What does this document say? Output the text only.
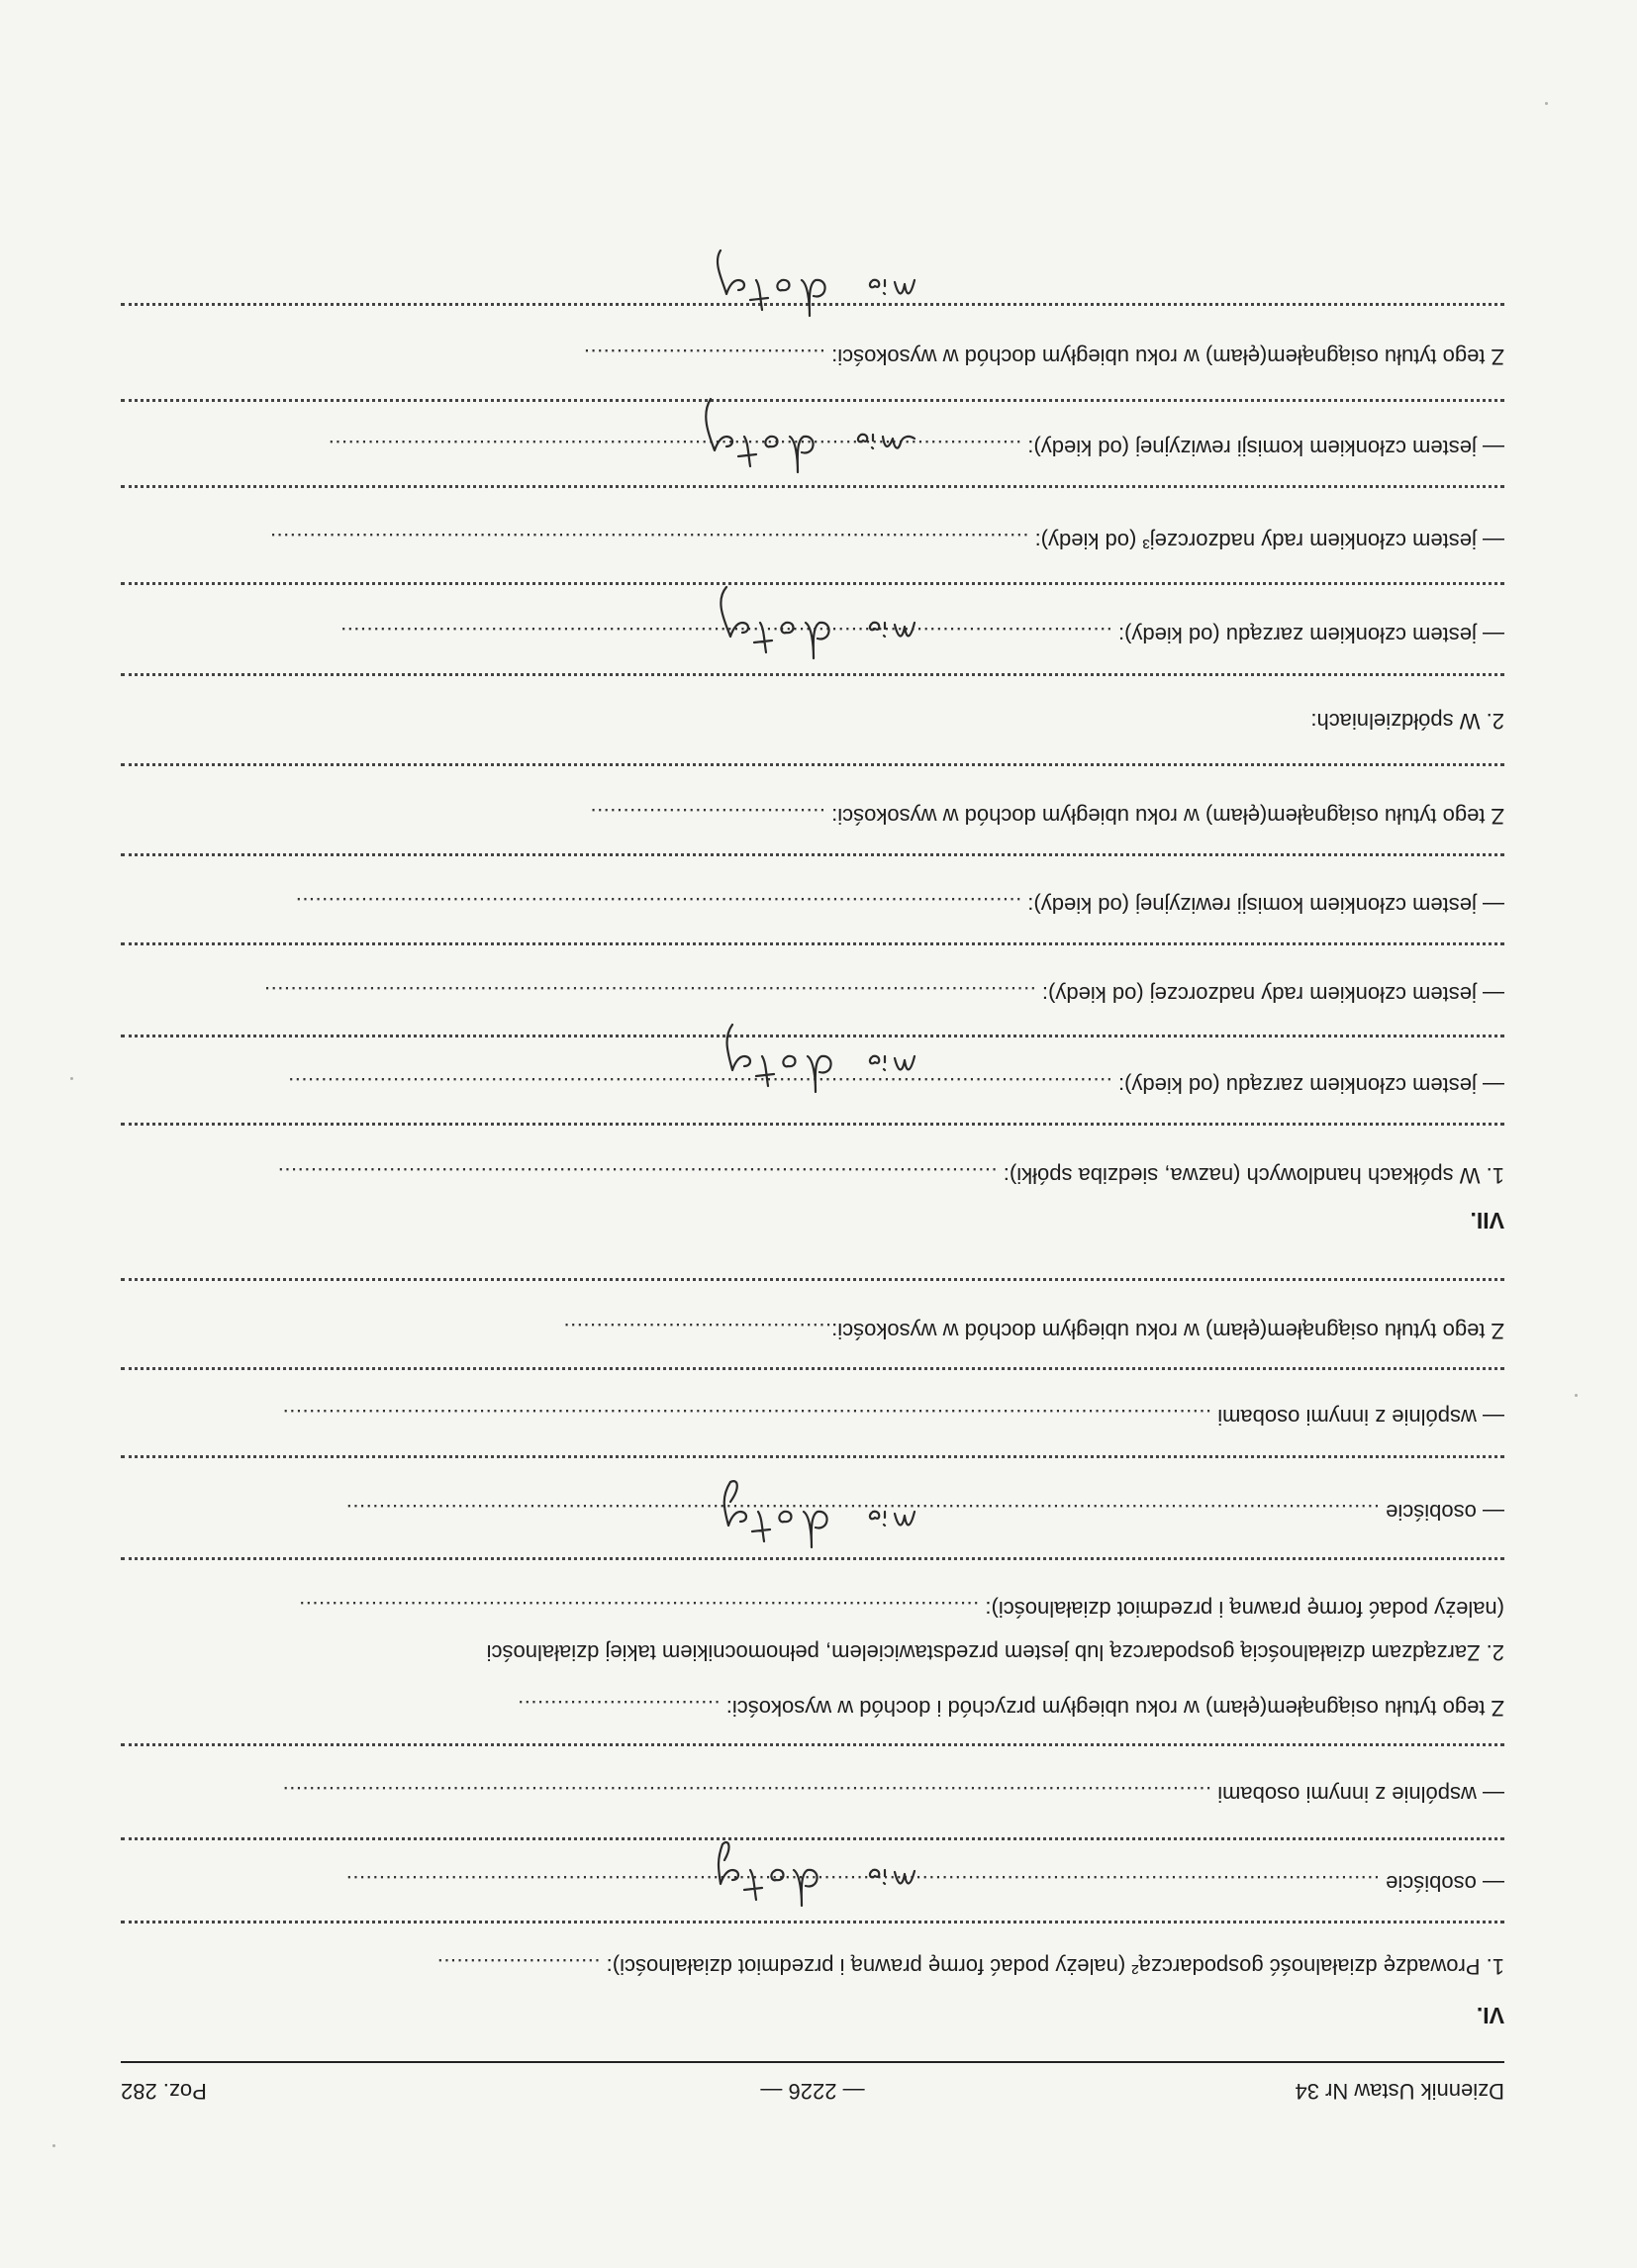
Dziennik Ustaw Nr 34
— 2226 —
Poz. 282
VI.
1. Prowadzę działalność gospodarczą² (należy podać formę prawną i przedmiot działalności): .........................
— osobiście ..............................................................................................................................................................
— wspólnie z innymi osobami ..............................................................................................................................................
Z tego tytułu osiągnąłem(ęłam) w roku ubiegłym przychód i dochód w wysokości: ...............................
2. Zarządzam działalnością gospodarczą lub jestem przedstawicielem, pełnomocnikiem takiej działalności
(należy podać formę prawną i przedmiot działalności): ........................................................................................................
— osobiście ..............................................................................................................................................................
— wspólnie z innymi osobami ..............................................................................................................................................
Z tego tytułu osiągnąłem(ęłam) w roku ubiegłym dochód w wysokości:.........................................
VII.
1. W spółkach handlowych (nazwa, siedziba spółki): ..............................................................................................................
— jestem członkiem zarządu (od kiedy): ..............................................................................................................................
— jestem członkiem rady nadzorczej (od kiedy): ......................................................................................................................
— jestem członkiem komisji rewizyjnej (od kiedy): ...............................................................................................................
Z tego tytułu osiągnąłem(ęłam) w roku ubiegłym dochód w wysokości: ....................................
2. W spółdzielniach:
— jestem członkiem zarządu (od kiedy): ......................................................................................................................
— jestem członkiem rady nadzorczej³ (od kiedy): ....................................................................................................................
— jestem członkiem komisji rewizyjnej (od kiedy): ..........................................................................................................
Z tego tytułu osiągnąłem(ęłam) w roku ubiegłym dochód w wysokości: .....................................
